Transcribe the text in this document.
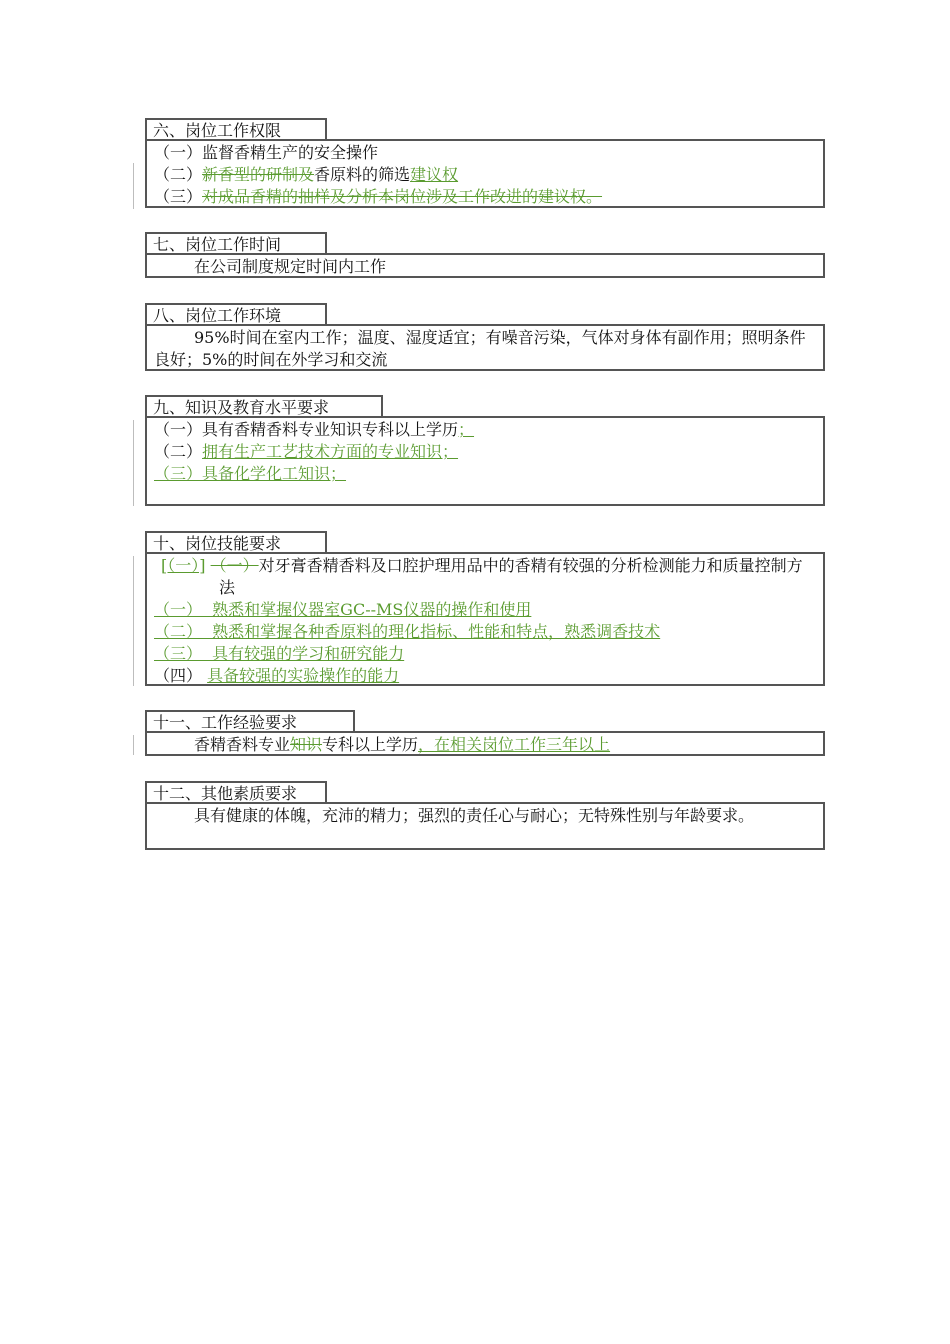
六、岗位工作权限

（一）监督香精生产的安全操作

（二）新香型的研制及香原料的筛选建议权

（三）对成品香精的抽样及分析本岗位涉及工作改进的建议权。

七、岗位工作时间

在公司制度规定时间内工作

八、岗位工作环境

95%时间在室内工作；温度、湿度适宜；有噪音污染，气体对身体有副作用；照明条件良好；5%的时间在外学习和交流

九、知识及教育水平要求

（一）具有香精香料专业知识专科以上学历；

（二）拥有生产工艺技术方面的专业知识；

（三）具备化学化工知识；

十、岗位技能要求

[（一）] （一）对牙膏香精香料及口腔护理用品中的香精有较强的分析检测能力和质量控制方法

（一）  熟悉和掌握仪器室GC--MS仪器的操作和使用

（二）  熟悉和掌握各种香原料的理化指标、性能和特点，熟悉调香技术

（三）  具有较强的学习和研究能力

（四） 具备较强的实验操作的能力

十一、工作经验要求

香精香料专业知识专科以上学历，在相关岗位工作三年以上

十二、其他素质要求

具有健康的体魄，充沛的精力；强烈的责任心与耐心；无特殊性别与年龄要求。
